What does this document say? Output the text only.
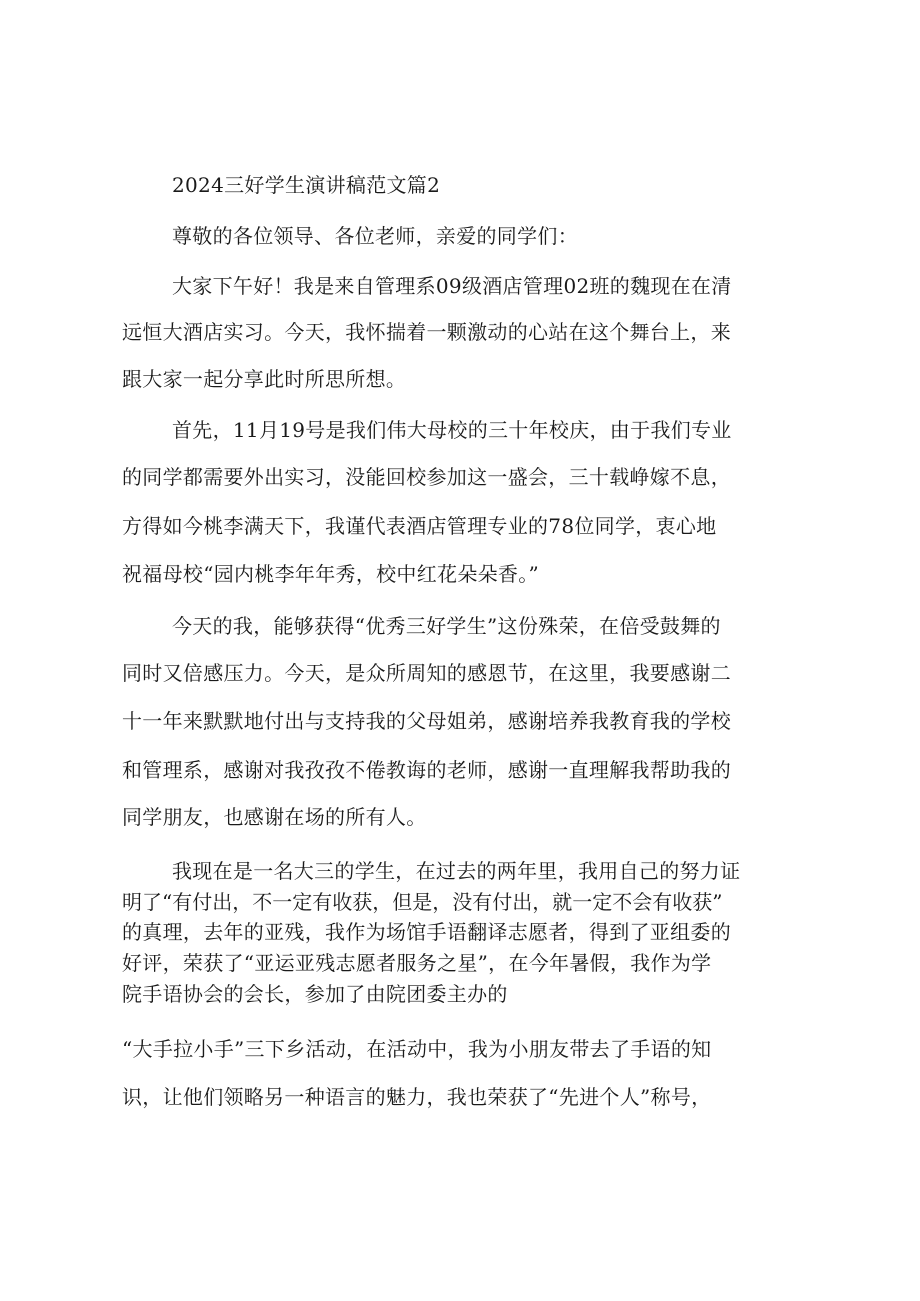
2024三好学生演讲稿范文篇2
尊敬的各位领导、各位老师，亲爱的同学们：
大家下午好！我是来自管理系09级酒店管理02班的魏现在在清
远恒大酒店实习。今天，我怀揣着一颗激动的心站在这个舞台上，来
跟大家一起分享此时所思所想。
首先，11月19号是我们伟大母校的三十年校庆，由于我们专业
的同学都需要外出实习，没能回校参加这一盛会，三十载峥嫁不息，
方得如今桃李满天下，我谨代表酒店管理专业的78位同学，衷心地
祝福母校“园内桃李年年秀，校中红花朵朵香。”
今天的我，能够获得“优秀三好学生”这份殊荣，在倍受鼓舞的
同时又倍感压力。今天，是众所周知的感恩节，在这里，我要感谢二
十一年来默默地付出与支持我的父母姐弟，感谢培养我教育我的学校
和管理系，感谢对我孜孜不倦教诲的老师，感谢一直理解我帮助我的
同学朋友，也感谢在场的所有人。
我现在是一名大三的学生，在过去的两年里，我用自己的努力证
明了“有付出，不一定有收获，但是，没有付出，就一定不会有收获”
的真理，去年的亚残，我作为场馆手语翻译志愿者，得到了亚组委的
好评，荣获了“亚运亚残志愿者服务之星”，在今年暑假，我作为学
院手语协会的会长，参加了由院团委主办的
“大手拉小手”三下乡活动，在活动中，我为小朋友带去了手语的知
识，让他们领略另一种语言的魅力，我也荣获了“先进个人”称号，
